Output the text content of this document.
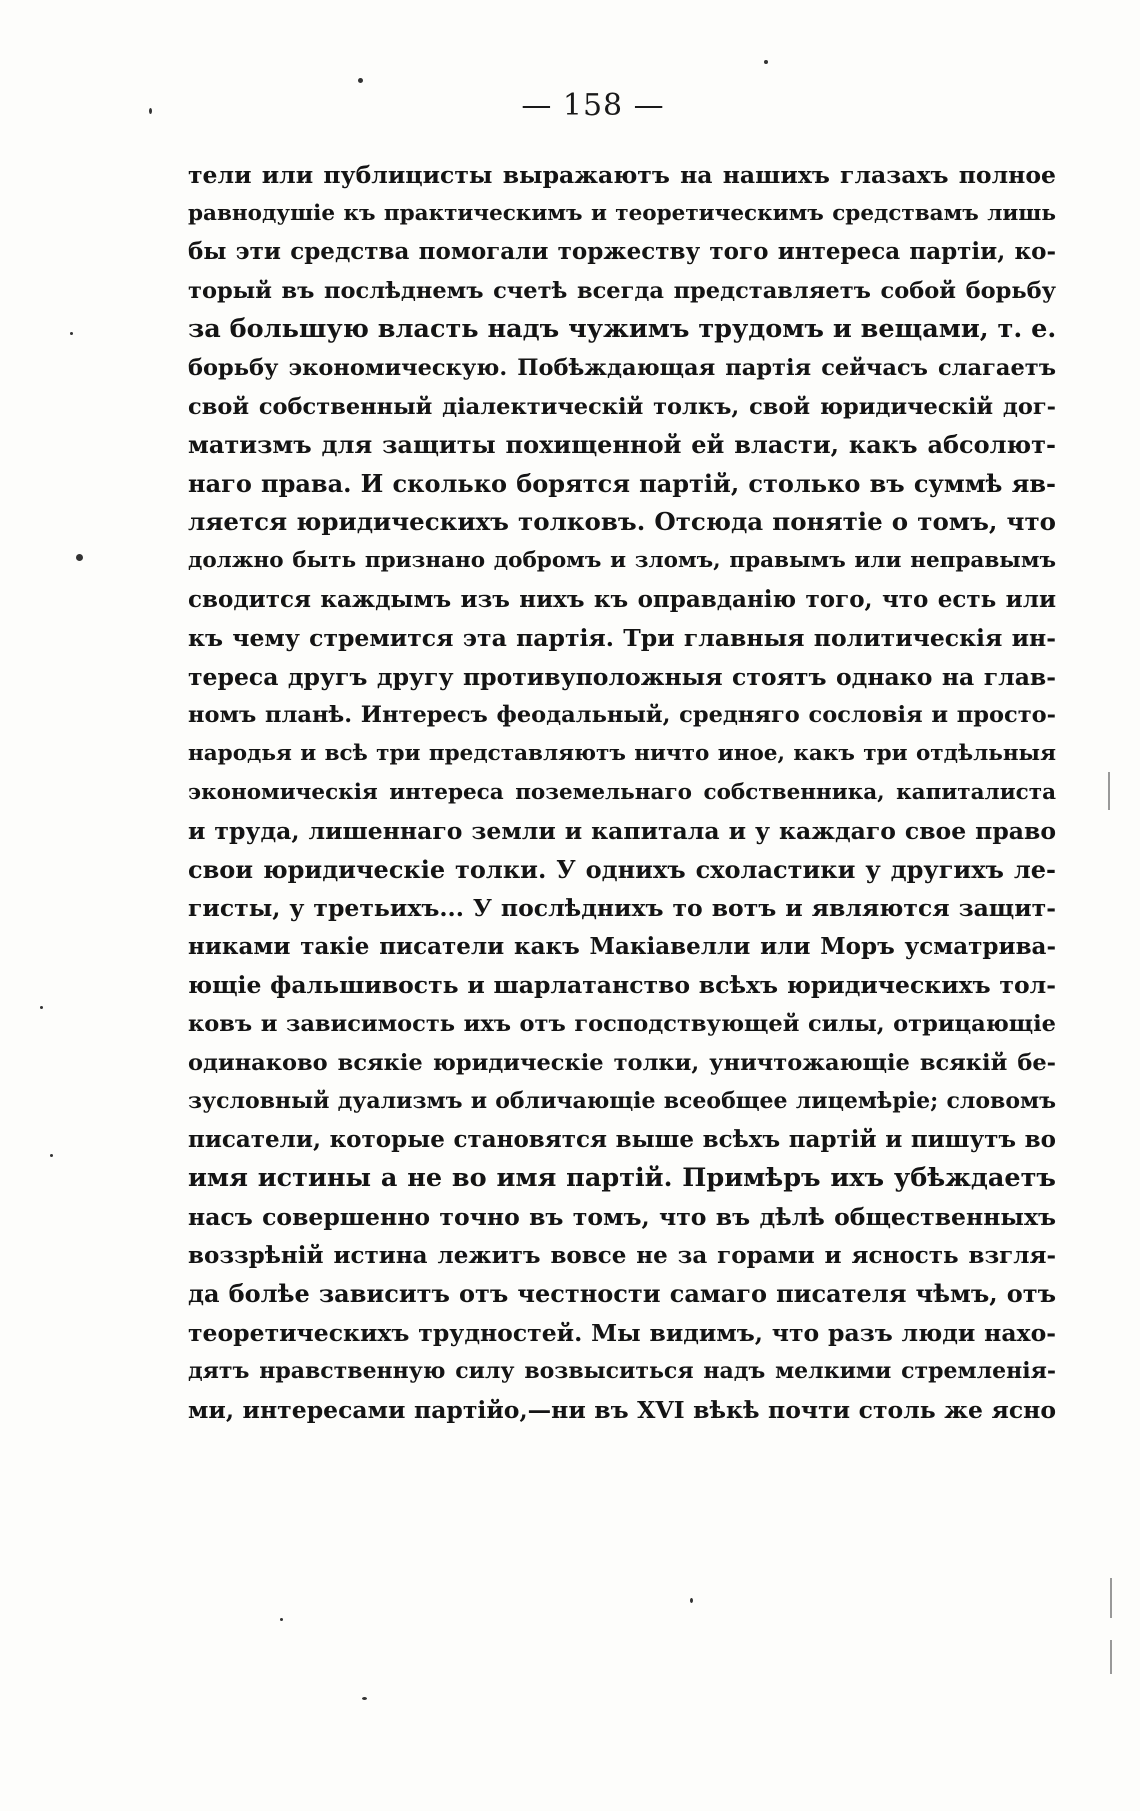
— 158 —
тели или публицисты выражаютъ на нашихъ глазахъ полное
равнодушіе къ практическимъ и теоретическимъ средствамъ лишь
бы эти средства помогали торжеству того интереса партіи, ко-
торый въ послѣднемъ счетѣ всегда представляетъ собой борьбу
за большую власть надъ чужимъ трудомъ и вещами, т. е.
борьбу экономическую. Побѣждающая партія сейчасъ слагаетъ
свой собственный діалектическій толкъ, свой юридическій дог-
матизмъ для защиты похищенной ей власти, какъ абсолют-
наго права. И сколько борятся партій, столько въ суммѣ яв-
ляется юридическихъ толковъ. Отсюда понятіе о томъ, что
должно быть признано добромъ и зломъ, правымъ или неправымъ
сводится каждымъ изъ нихъ къ оправданію того, что есть или
къ чему стремится эта партія. Три главныя политическія ин-
тереса другъ другу противуположныя стоятъ однако на глав-
номъ планѣ. Интересъ феодальный, средняго сословія и просто-
народья и всѣ три представляютъ ничто иное, какъ три отдѣльныя
экономическія интереса поземельнаго собственника, капиталиста
и труда, лишеннаго земли и капитала и у каждаго свое право
свои юридическіе толки. У однихъ схоластики у другихъ ле-
гисты, у третьихъ... У послѣднихъ то вотъ и являются защит-
никами такіе писатели какъ Макіавелли или Моръ усматрива-
ющіе фальшивость и шарлатанство всѣхъ юридическихъ тол-
ковъ и зависимость ихъ отъ господствующей силы, отрицающіе
одинаково всякіе юридическіе толки, уничтожающіе всякій бе-
зусловный дуализмъ и обличающіе всеобщее лицемѣріе; словомъ
писатели, которые становятся выше всѣхъ партій и пишутъ во
имя истины а не во имя партій. Примѣръ ихъ убѣждаетъ
насъ совершенно точно въ томъ, что въ дѣлѣ общественныхъ
воззрѣній истина лежитъ вовсе не за горами и ясность взгля-
да болѣе зависитъ отъ честности самаго писателя чѣмъ, отъ
теоретическихъ трудностей. Мы видимъ, что разъ люди нахо-
дятъ нравственную силу возвыситься надъ мелкими стремленія-
ми, интересами партійо,—ни въ XVI вѣкѣ почти столь же ясно
